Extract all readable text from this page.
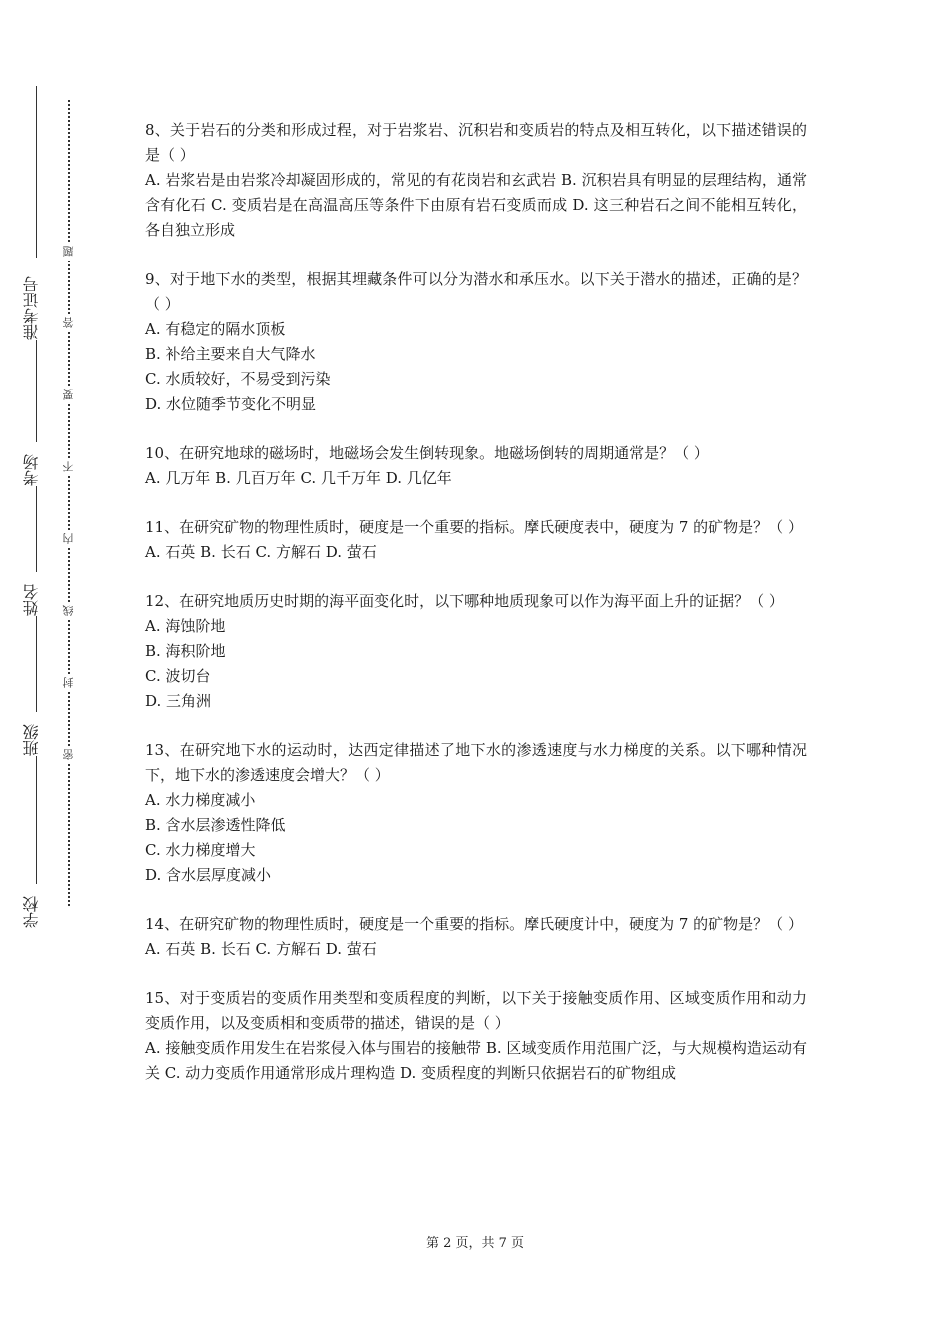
准考证号
考场
姓名
班级
学校
题
答
要
不
内
线
封
密

8、关于岩石的分类和形成过程，对于岩浆岩、沉积岩和变质岩的特点及相互转化，以下描述错误的是（ ）

A. 岩浆岩是由岩浆冷却凝固形成的，常见的有花岗岩和玄武岩 B. 沉积岩具有明显的层理结构，通常含有化石 C. 变质岩是在高温高压等条件下由原有岩石变质而成 D. 这三种岩石之间不能相互转化，各自独立形成

9、对于地下水的类型，根据其埋藏条件可以分为潜水和承压水。以下关于潜水的描述，正确的是？（ ）

A. 有稳定的隔水顶板

B. 补给主要来自大气降水

C. 水质较好，不易受到污染

D. 水位随季节变化不明显

10、在研究地球的磁场时，地磁场会发生倒转现象。地磁场倒转的周期通常是？（ ）

A. 几万年 B. 几百万年 C. 几千万年 D. 几亿年

11、在研究矿物的物理性质时，硬度是一个重要的指标。摩氏硬度表中，硬度为 7 的矿物是？（ ）

A. 石英 B. 长石 C. 方解石 D. 萤石

12、在研究地质历史时期的海平面变化时，以下哪种地质现象可以作为海平面上升的证据？（ ）

A. 海蚀阶地

B. 海积阶地

C. 波切台

D. 三角洲

13、在研究地下水的运动时，达西定律描述了地下水的渗透速度与水力梯度的关系。以下哪种情况下，地下水的渗透速度会增大？（ ）

A. 水力梯度减小

B. 含水层渗透性降低

C. 水力梯度增大

D. 含水层厚度减小

14、在研究矿物的物理性质时，硬度是一个重要的指标。摩氏硬度计中，硬度为 7 的矿物是？（ ）

A. 石英 B. 长石 C. 方解石 D. 萤石

15、对于变质岩的变质作用类型和变质程度的判断，以下关于接触变质作用、区域变质作用和动力变质作用，以及变质相和变质带的描述，错误的是（ ）

A. 接触变质作用发生在岩浆侵入体与围岩的接触带 B. 区域变质作用范围广泛，与大规模构造运动有关 C. 动力变质作用通常形成片理构造 D. 变质程度的判断只依据岩石的矿物组成

第 2 页，共 7 页
